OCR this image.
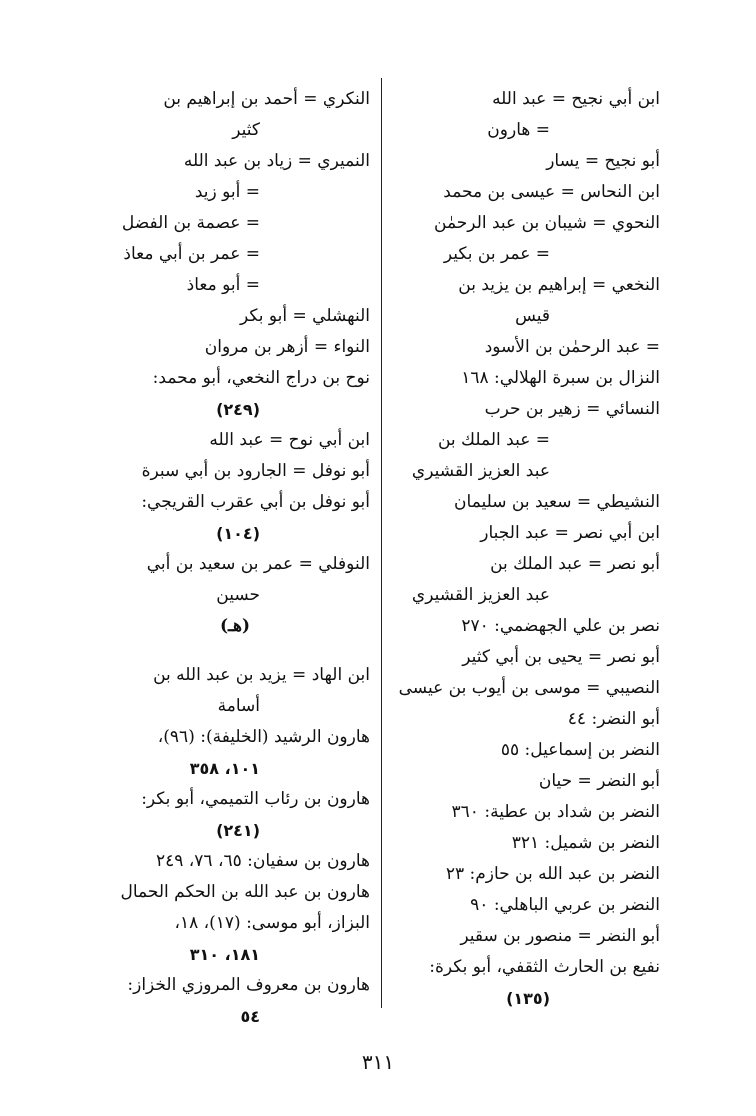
ابن أبي نجيح = عبد الله
= هارون
أبو نجيح = يسار
ابن النحاس = عيسى بن محمد
النحوي = شيبان بن عبد الرحمٰن
= عمر بن بكير
النخعي = إبراهيم بن يزيد بن
قيس
= عبد الرحمٰن بن الأسود
النزال بن سبرة الهلالي: ١٦٨
النسائي = زهير بن حرب
= عبد الملك بن
عبد العزيز القشيري
النشيطي = سعيد بن سليمان
ابن أبي نصر = عبد الجبار
أبو نصر = عبد الملك بن
عبد العزيز القشيري
نصر بن علي الجهضمي: ٢٧٠
أبو نصر = يحيى بن أبي كثير
النصيبي = موسى بن أيوب بن عيسى
أبو النضر: ٤٤
النضر بن إسماعيل: ٥٥
أبو النضر = حيان
النضر بن شداد بن عطية: ٣٦٠
النضر بن شميل: ٣٢١
النضر بن عبد الله بن حازم: ٢٣
النضر بن عربي الباهلي: ٩٠
أبو النضر = منصور بن سقير
نفيع بن الحارث الثقفي، أبو بكرة:
(١٣٥)
النكري = أحمد بن إبراهيم بن
كثير
النميري = زياد بن عبد الله
= أبو زيد
= عصمة بن الفضل
= عمر بن أبي معاذ
= أبو معاذ
النهشلي = أبو بكر
النواء = أزهر بن مروان
نوح بن دراج النخعي، أبو محمد:
(٢٤٩)
ابن أبي نوح = عبد الله
أبو نوفل = الجارود بن أبي سبرة
أبو نوفل بن أبي عقرب القريجي:
(١٠٤)
النوفلي = عمر بن سعيد بن أبي
حسين
(هـ)
ابن الهاد = يزيد بن عبد الله بن
أسامة
هارون الرشيد (الخليفة): (٩٦)،
١٠١، ٣٥٨
هارون بن رئاب التميمي، أبو بكر:
(٢٤١)
هارون بن سفيان: ٦٥، ٧٦، ٢٤٩
هارون بن عبد الله بن الحكم الحمال
البزاز، أبو موسى: (١٧)، ١٨،
١٨١، ٣١٠
هارون بن معروف المروزي الخزاز:
٥٤
٣١١
